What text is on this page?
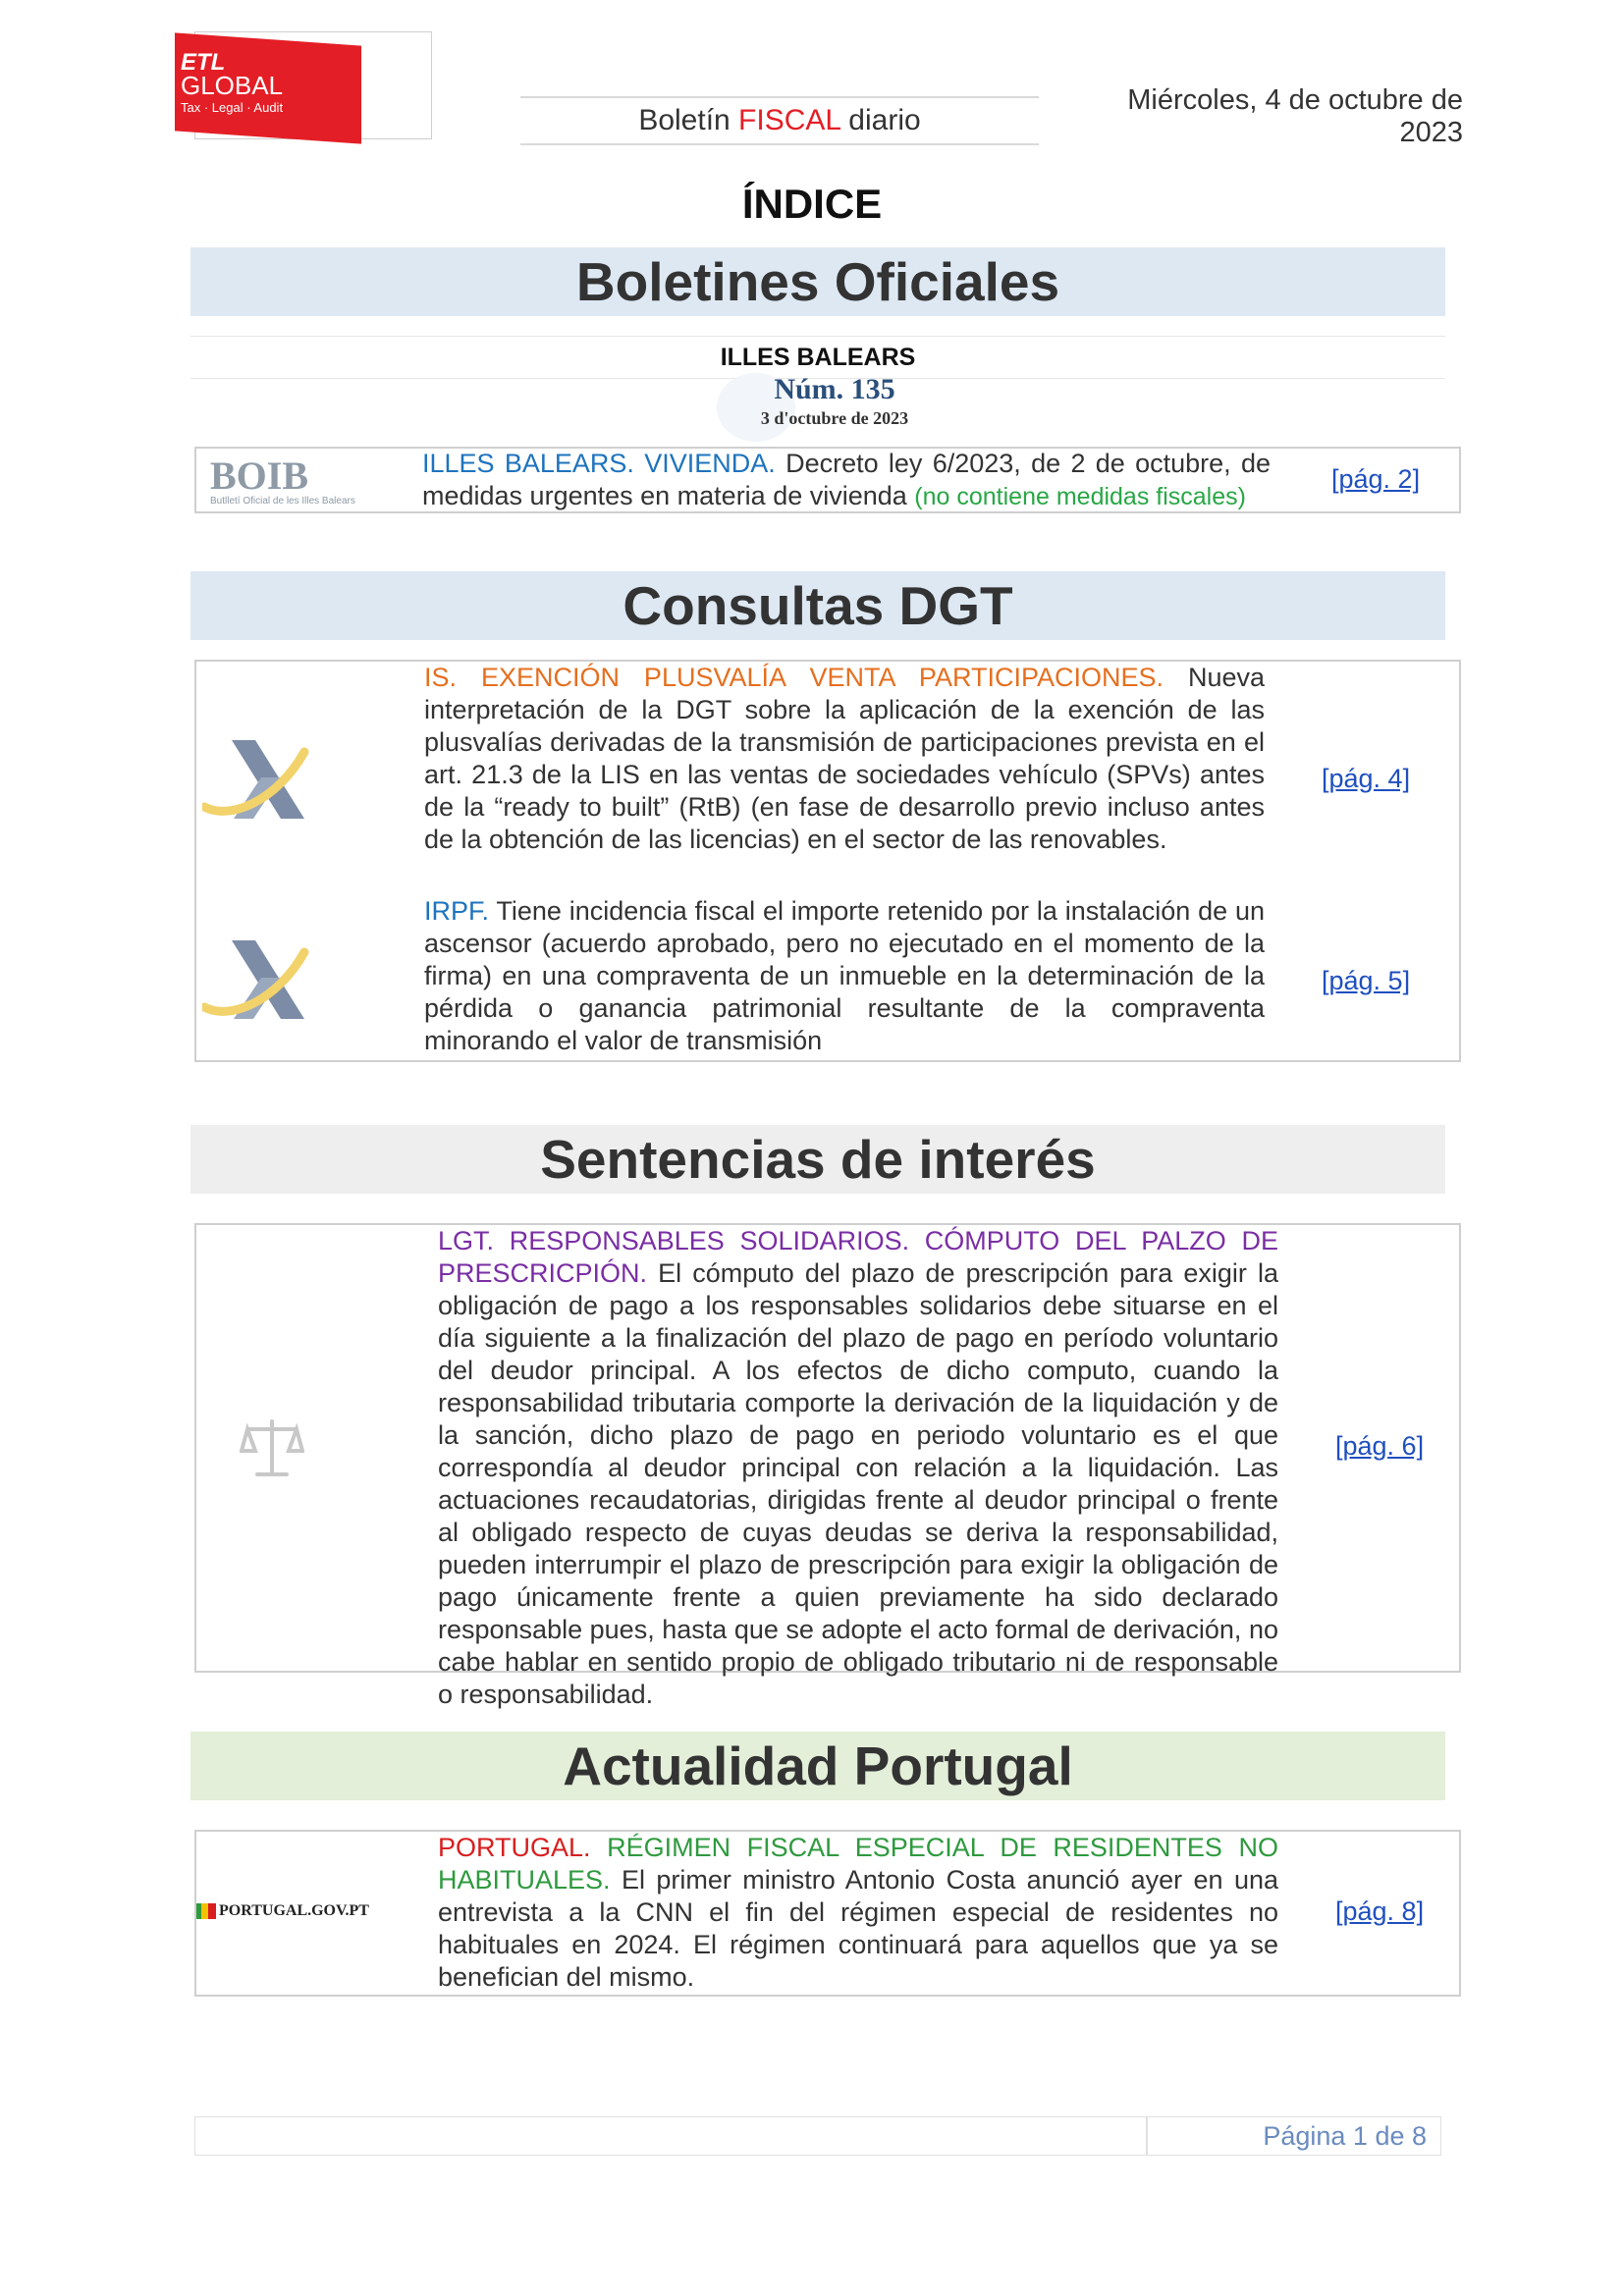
ETL
GLOBAL
Tax · Legal · Audit	Boletín FISCAL diario
Miércoles, 4 de octubre de 2023
ÍNDICE
Boletines Oficiales
ILLES BALEARS
Núm. 135
3 d'octubre de 2023
BOIB
Butlletí Oficial de les Illes Balears
ILLES BALEARS. VIVIENDA. Decreto ley 6/2023, de 2 de octubre, de medidas urgentes en materia de vivienda (no contiene medidas fiscales)
[pág. 2]
Consultas DGT
IS. EXENCIÓN PLUSVALÍA VENTA PARTICIPACIONES. Nueva interpretación de la DGT sobre la aplicación de la exención de las plusvalías derivadas de la transmisión de participaciones prevista en el art. 21.3 de la LIS en las ventas de sociedades vehículo (SPVs) antes de la “ready to built” (RtB) (en fase de desarrollo previo incluso antes de la obtención de las licencias) en el sector de las renovables.
[pág. 4]
IRPF. Tiene incidencia fiscal el importe retenido por la instalación de un ascensor (acuerdo aprobado, pero no ejecutado en el momento de la firma) en una compraventa de un inmueble en la determinación de la pérdida o ganancia patrimonial resultante de la compraventa minorando el valor de transmisión
[pág. 5]
Sentencias de interés
LGT. RESPONSABLES SOLIDARIOS. CÓMPUTO DEL PALZO DE PRESCRICPIÓN. El cómputo del plazo de prescripción para exigir la obligación de pago a los responsables solidarios debe situarse en el día siguiente a la finalización del plazo de pago en período voluntario del deudor principal. A los efectos de dicho computo, cuando la responsabilidad tributaria comporte la derivación de la liquidación y de la sanción, dicho plazo de pago en periodo voluntario es el que correspondía al deudor principal con relación a la liquidación. Las actuaciones recaudatorias, dirigidas frente al deudor principal o frente al obligado respecto de cuyas deudas se deriva la responsabilidad, pueden interrumpir el plazo de prescripción para exigir la obligación de pago únicamente frente a quien previamente ha sido declarado responsable pues, hasta que se adopte el acto formal de derivación, no cabe hablar en sentido propio de obligado tributario ni de responsable o responsabilidad.
[pág. 6]
Actualidad Portugal
PORTUGAL.GOV.PT
PORTUGAL. RÉGIMEN FISCAL ESPECIAL DE RESIDENTES NO HABITUALES. El primer ministro Antonio Costa anunció ayer en una entrevista a la CNN el fin del régimen especial de residentes no habituales en 2024. El régimen continuará para aquellos que ya se benefician del mismo.
[pág. 8]
Página 1 de 8
